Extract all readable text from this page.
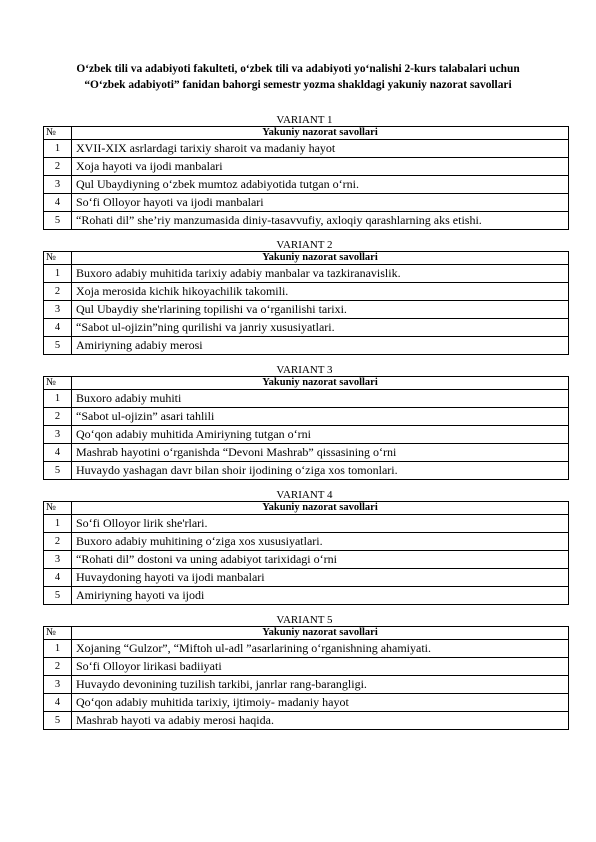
O‘zbek tili va adabiyoti fakulteti, o‘zbek tili va adabiyoti yo‘nalishi 2-kurs talabalari uchun
“O‘zbek adabiyoti” fanidan bahorgi semestr yozma shakldagi yakuniy nazorat savollari
VARIANT 1
№	Yakuniy nazorat savollari
1	XVII-XIX asrlardagi tarixiy sharoit va madaniy hayot
2	Xoja hayoti va ijodi manbalari
3	Qul Ubaydiyning o‘zbek mumtoz adabiyotida tutgan o‘rni.
4	So‘fi Olloyor hayoti va ijodi manbalari
5	“Rohati dil” she’riy manzumasida diniy-tasavvufiy, axloqiy qarashlarning aks etishi.
VARIANT 2
№	Yakuniy nazorat savollari
1	Buxoro adabiy muhitida tarixiy adabiy manbalar va tazkiranavislik.
2	Xoja merosida kichik hikoyachilik takomili.
3	Qul Ubaydiy she'rlarining topilishi va o‘rganilishi tarixi.
4	“Sabot ul-ojizin”ning qurilishi va janriy xususiyatlari.
5	Amiriyning adabiy merosi
VARIANT 3
№	Yakuniy nazorat savollari
1	Buxoro adabiy muhiti
2	“Sabot ul-ojizin” asari tahlili
3	Qo‘qon adabiy muhitida Amiriyning tutgan o‘rni
4	Mashrab hayotini o‘rganishda “Devoni Mashrab” qissasining o‘rni
5	Huvaydo yashagan davr bilan shoir ijodining o‘ziga xos tomonlari.
VARIANT 4
№	Yakuniy nazorat savollari
1	So‘fi Olloyor lirik she'rlari.
2	Buxoro adabiy muhitining o‘ziga xos xususiyatlari.
3	“Rohati dil” dostoni va uning adabiyot tarixidagi o‘rni
4	Huvaydoning hayoti va ijodi manbalari
5	Amiriyning hayoti va ijodi
VARIANT 5
№	Yakuniy nazorat savollari
1	Xojaning “Gulzor”, “Miftoh ul-adl ”asarlarining o‘rganishning ahamiyati.
2	So‘fi Olloyor lirikasi badiiyati
3	Huvaydo devonining tuzilish tarkibi, janrlar rang-barangligi.
4	Qo‘qon adabiy muhitida tarixiy, ijtimoiy- madaniy hayot
5	Mashrab hayoti va adabiy merosi haqida.
